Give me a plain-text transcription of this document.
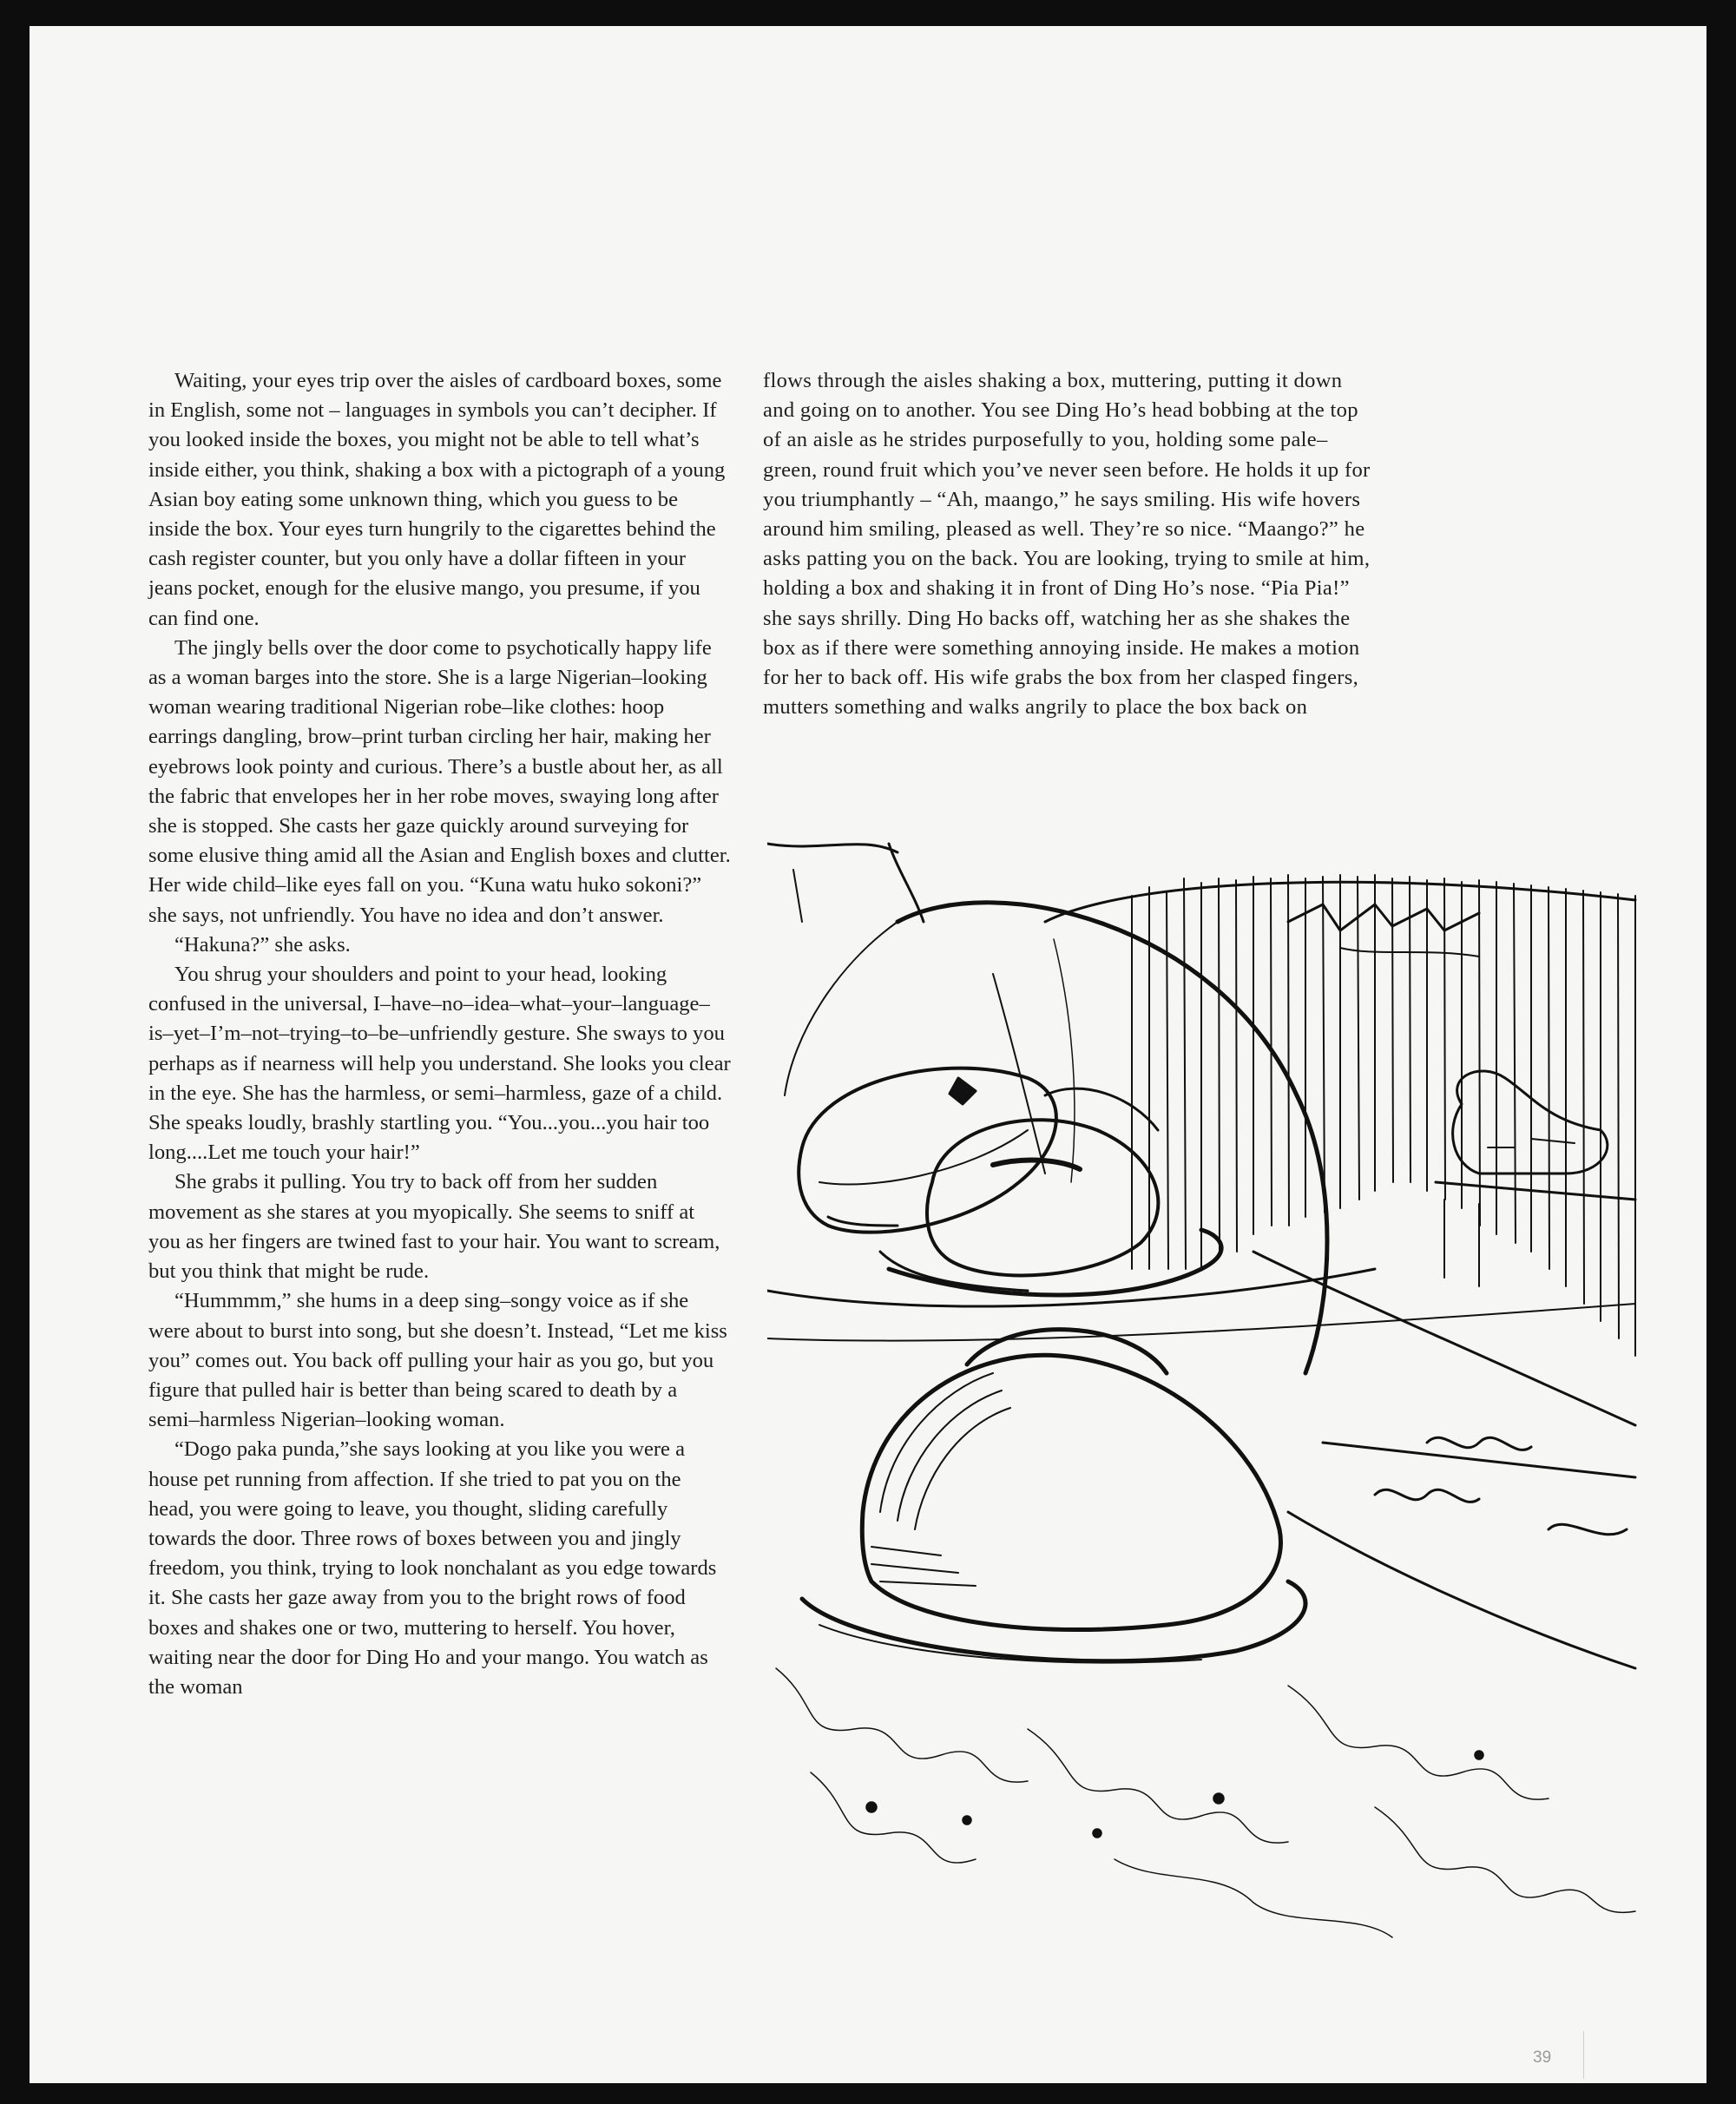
Waiting, your eyes trip over the aisles of cardboard boxes, some in English, some not – languages in symbols you can’t decipher. If you looked inside the boxes, you might not be able to tell what’s inside either, you think, shaking a box with a pictograph of a young Asian boy eating some unknown thing, which you guess to be inside the box. Your eyes turn hungrily to the cigarettes behind the cash register counter, but you only have a dollar fifteen in your jeans pocket, enough for the elusive mango, you presume, if you can find one.

The jingly bells over the door come to psychotically happy life as a woman barges into the store. She is a large Nigerian–looking woman wearing traditional Nigerian robe–like clothes: hoop earrings dangling, brow–print turban circling her hair, making her eyebrows look pointy and curious. There’s a bustle about her, as all the fabric that envelopes her in her robe moves, swaying long after she is stopped. She casts her gaze quickly around surveying for some elusive thing amid all the Asian and English boxes and clutter. Her wide child–like eyes fall on you. “Kuna watu huko sokoni?” she says, not unfriendly. You have no idea and don’t answer.

“Hakuna?” she asks.

You shrug your shoulders and point to your head, looking confused in the universal, I–have–no–idea–what–your–language–is–yet–I’m–not–trying–to–be–unfriendly gesture. She sways to you perhaps as if nearness will help you understand. She looks you clear in the eye. She has the harmless, or semi–harmless, gaze of a child. She speaks loudly, brashly startling you. “You...you...you hair too long....Let me touch your hair!”

She grabs it pulling. You try to back off from her sudden movement as she stares at you myopically. She seems to sniff at you as her fingers are twined fast to your hair. You want to scream, but you think that might be rude.

“Hummmm,” she hums in a deep sing–songy voice as if she were about to burst into song, but she doesn’t. Instead, “Let me kiss you” comes out. You back off pulling your hair as you go, but you figure that pulled hair is better than being scared to death by a semi–harmless Nigerian–looking woman.

“Dogo paka punda,”she says looking at you like you were a house pet running from affection. If she tried to pat you on the head, you were going to leave, you thought, sliding carefully towards the door. Three rows of boxes between you and jingly freedom, you think, trying to look nonchalant as you edge towards it. She casts her gaze away from you to the bright rows of food boxes and shakes one or two, muttering to herself. You hover, waiting near the door for Ding Ho and your mango. You watch as the woman

flows through the aisles shaking a box, muttering, putting it down and going on to another. You see Ding Ho’s head bobbing at the top of an aisle as he strides purposefully to you, holding some pale–green, round fruit which you’ve never seen before. He holds it up for you triumphantly – “Ah, maango,” he says smiling. His wife hovers around him smiling, pleased as well. They’re so nice. “Maango?” he asks patting you on the back. You are looking, trying to smile at him, holding a box and shaking it in front of Ding Ho’s nose. “Pia Pia!” she says shrilly. Ding Ho backs off, watching her as she shakes the box as if there were something annoying inside. He makes a motion for her to back off. His wife grabs the box from her clasped fingers, mutters something and walks angrily to place the box back on

39
